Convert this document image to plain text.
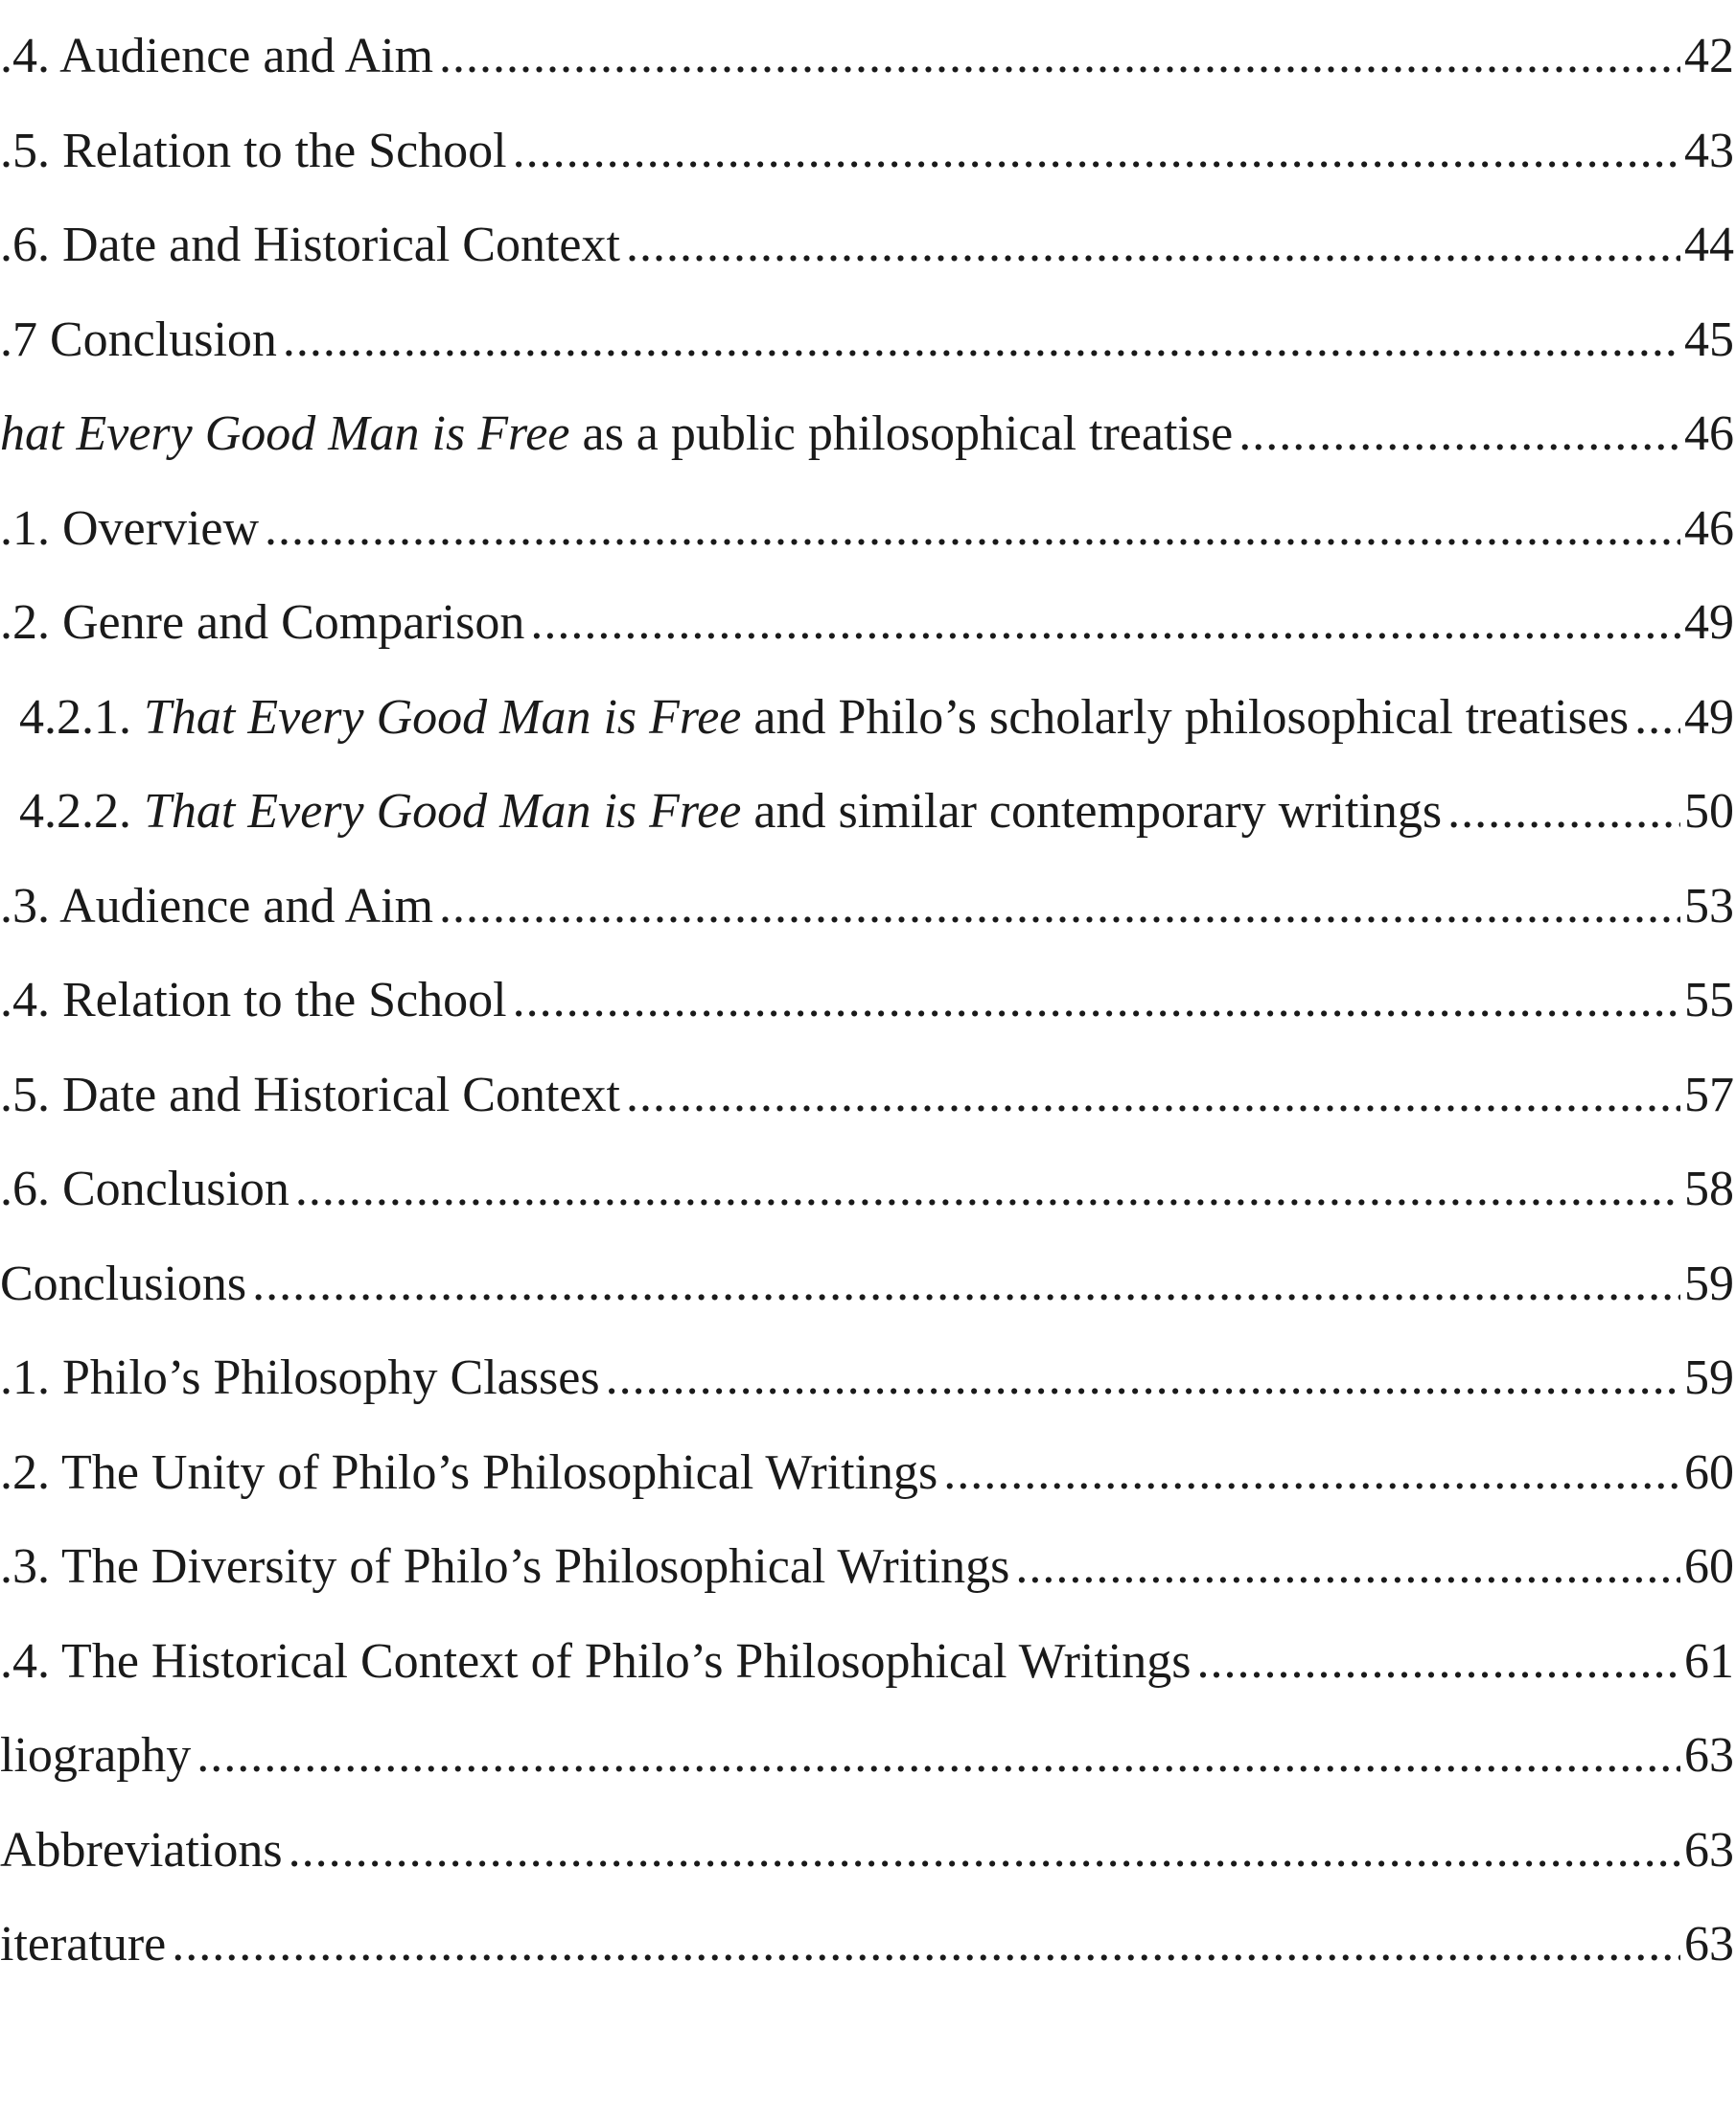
.4. Audience and Aim .....	42
.5. Relation to the School .....	43
.6. Date and Historical Context .....	44
.7 Conclusion .....	45
hat Every Good Man is Free as a public philosophical treatise .....	46
.1. Overview .....	46
.2. Genre and Comparison .....	49
4.2.1. That Every Good Man is Free and Philo’s scholarly philosophical treatises ..... 49
4.2.2. That Every Good Man is Free and similar contemporary writings .....	50
.3. Audience and Aim .....	53
.4. Relation to the School .....	55
.5. Date and Historical Context .....	57
.6. Conclusion .....	58
Conclusions .....	59
.1. Philo’s Philosophy Classes .....	59
.2. The Unity of Philo’s Philosophical Writings .....	60
.3. The Diversity of Philo’s Philosophical Writings .....	60
.4. The Historical Context of Philo’s Philosophical Writings .....	61
liography .....	63
Abbreviations .....	63
iterature .....	63
